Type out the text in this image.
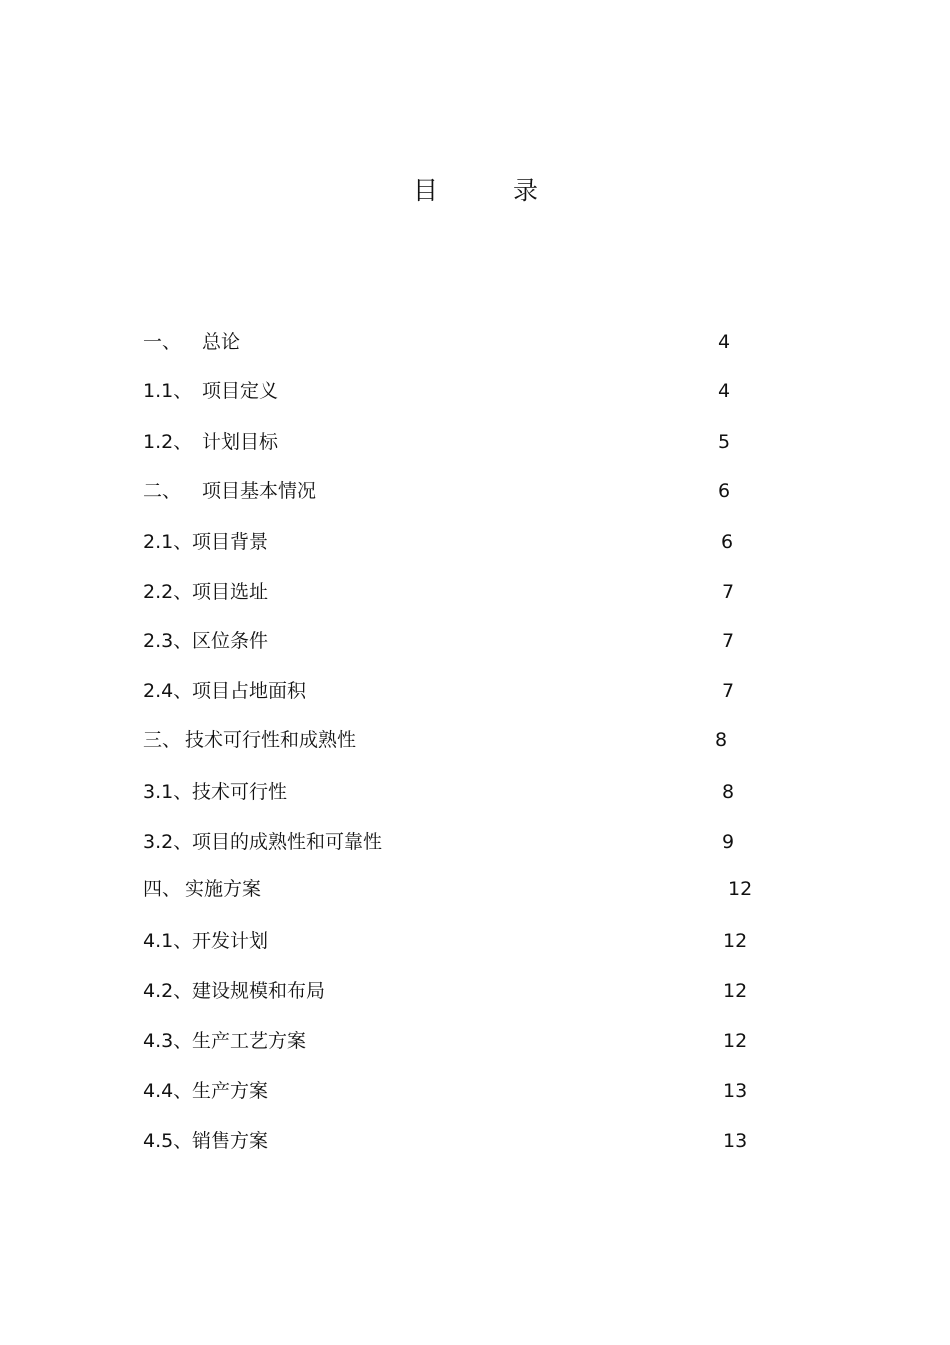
目	录
一、 总论	4
1.1、 项目定义	4
1.2、 计划目标	5
二、 项目基本情况	6
2.1、 项目背景	6
2.2、 项目选址	7
2.3、 区位条件	7
2.4、 项目占地面积	7
三、 技术可行性和成熟性	8
3.1、 技术可行性	8
3.2、 项目的成熟性和可靠性	9
四、 实施方案	12
4.1、 开发计划	12
4.2、 建设规模和布局	12
4.3、 生产工艺方案	12
4.4、 生产方案	13
4.5、 销售方案	13
